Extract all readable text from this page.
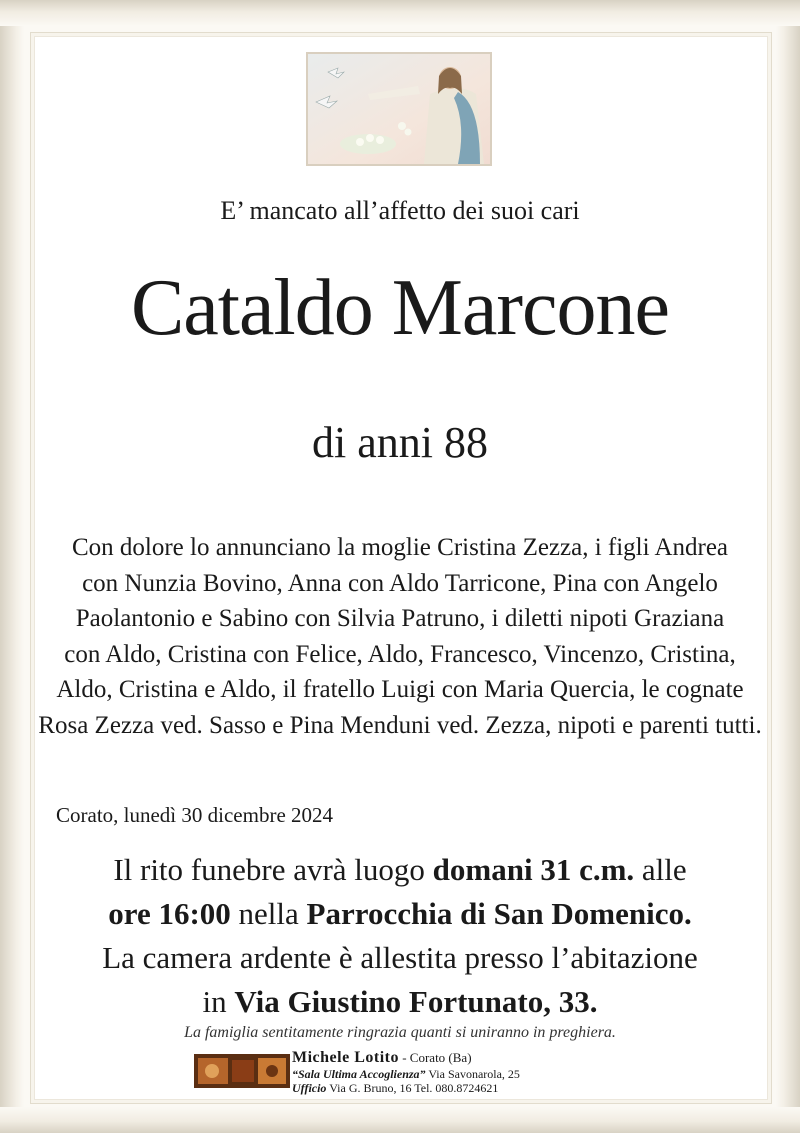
E’ mancato all’affetto dei suoi cari
Cataldo Marcone
di anni 88
Con dolore lo annunciano la moglie Cristina Zezza, i figli Andrea
con Nunzia Bovino, Anna con Aldo Tarricone, Pina con Angelo
Paolantonio e Sabino con Silvia Patruno, i diletti nipoti Graziana
con Aldo, Cristina con Felice, Aldo, Francesco, Vincenzo, Cristina,
Aldo, Cristina e Aldo, il fratello Luigi con Maria Quercia, le cognate
Rosa Zezza ved. Sasso e Pina Menduni ved. Zezza, nipoti e parenti tutti.
Corato, lunedì 30 dicembre 2024
Il rito funebre avrà luogo domani 31 c.m. alle
ore 16:00 nella Parrocchia di San Domenico.
La camera ardente è allestita presso l’abitazione
in Via Giustino Fortunato, 33.
La famiglia sentitamente ringrazia quanti si uniranno in preghiera.
Michele Lotito - Corato (Ba)
“Sala Ultima Accoglienza” Via Savonarola, 25
Ufficio Via G. Bruno, 16 Tel. 080.8724621
